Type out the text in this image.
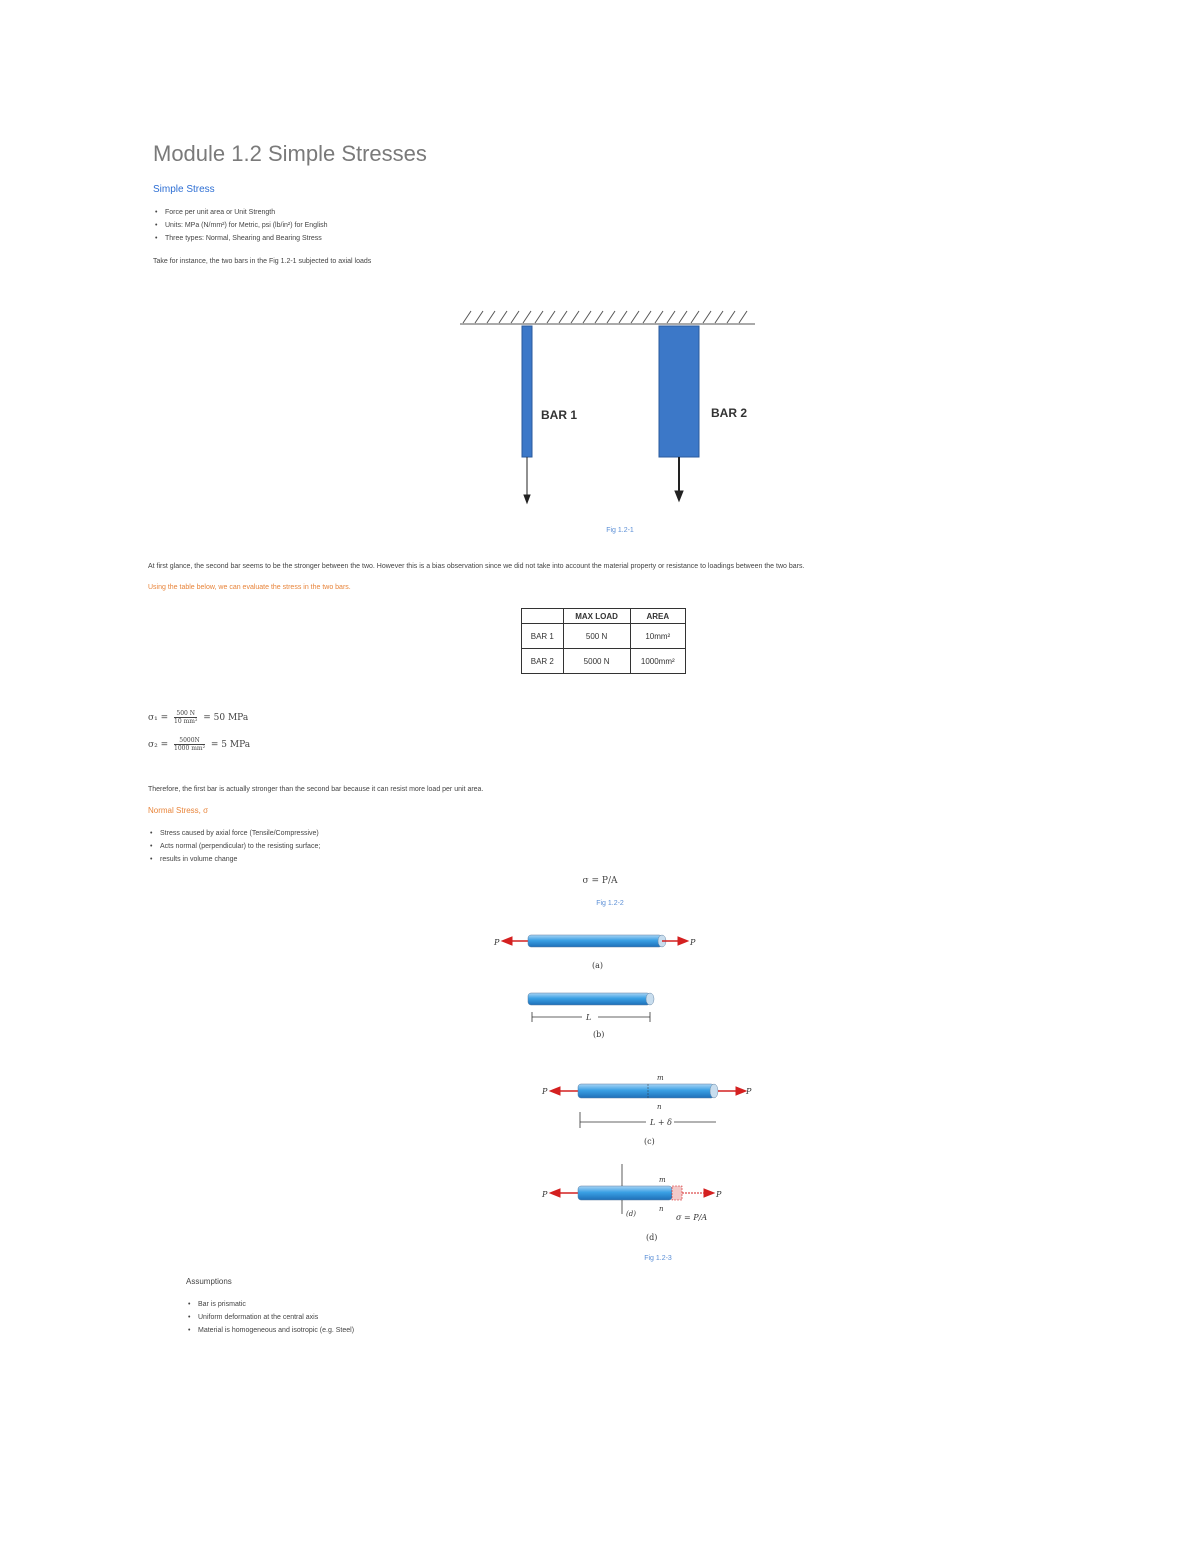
Module 1.2 Simple Stresses
Simple Stress
• Force per unit area or Unit Strength
• Units: MPa (N/mm²) for Metric, psi (lb/in²) for English
• Three types: Normal, Shearing and Bearing Stress
Take for instance, the two bars in the Fig 1.2-1 subjected to axial loads
BAR 1	BAR 2
Fig 1.2-1
At first glance, the second bar seems to be the stronger between the two. However this is a bias observation since we did not take into account the material property or resistance to loadings between the two bars.
Using the table below, we can evaluate the stress in the two bars.
	MAX LOAD	AREA
BAR 1	500 N	10mm²
BAR 2	5000 N	1000mm²
$\sigma_1 = \frac{500 N}{\text{10 mm²}} = 50$ MPa
$\sigma_2 = \frac{5000N}{\text{1000 mm²}} = 5$ MPa
Therefore, the first bar is actually stronger than the second bar because it can resist more load per unit area.
Normal Stress, σ
• Stress caused by axial force (Tensile/Compressive)
• Acts normal (perpendicular) to the resisting surface;
• results in volume change
σ = P/A
Fig 1.2-2
P	P
(a)
L
(b)
P
m
n
P
L + δ
(c)
P
(d)
m
n
P
σ = P/A
(d)
Fig 1.2-3
Assumptions
• Bar is prismatic
• Uniform deformation at the central axis
• Material is homogeneous and isotropic (e.g. Steel)
